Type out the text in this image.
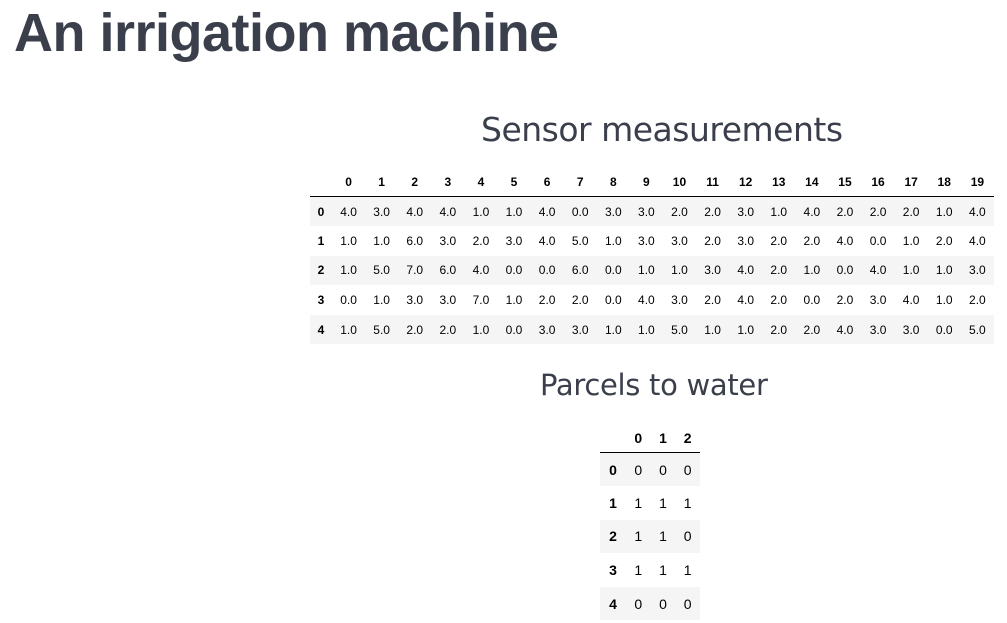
An irrigation machine
Sensor measurements
	0	1	2	3	4	5	6	7	8	9	10	11	12	13	14	15	16	17	18	19
0	4.0	3.0	4.0	4.0	1.0	1.0	4.0	0.0	3.0	3.0	2.0	2.0	3.0	1.0	4.0	2.0	2.0	2.0	1.0	4.0
1	1.0	1.0	6.0	3.0	2.0	3.0	4.0	5.0	1.0	3.0	3.0	2.0	3.0	2.0	2.0	4.0	0.0	1.0	2.0	4.0
2	1.0	5.0	7.0	6.0	4.0	0.0	0.0	6.0	0.0	1.0	1.0	3.0	4.0	2.0	1.0	0.0	4.0	1.0	1.0	3.0
3	0.0	1.0	3.0	3.0	7.0	1.0	2.0	2.0	0.0	4.0	3.0	2.0	4.0	2.0	0.0	2.0	3.0	4.0	1.0	2.0
4	1.0	5.0	2.0	2.0	1.0	0.0	3.0	3.0	1.0	1.0	5.0	1.0	1.0	2.0	2.0	4.0	3.0	3.0	0.0	5.0
Parcels to water
	0	1	2
0	0	0	0
1	1	1	1
2	1	1	0
3	1	1	1
4	0	0	0
